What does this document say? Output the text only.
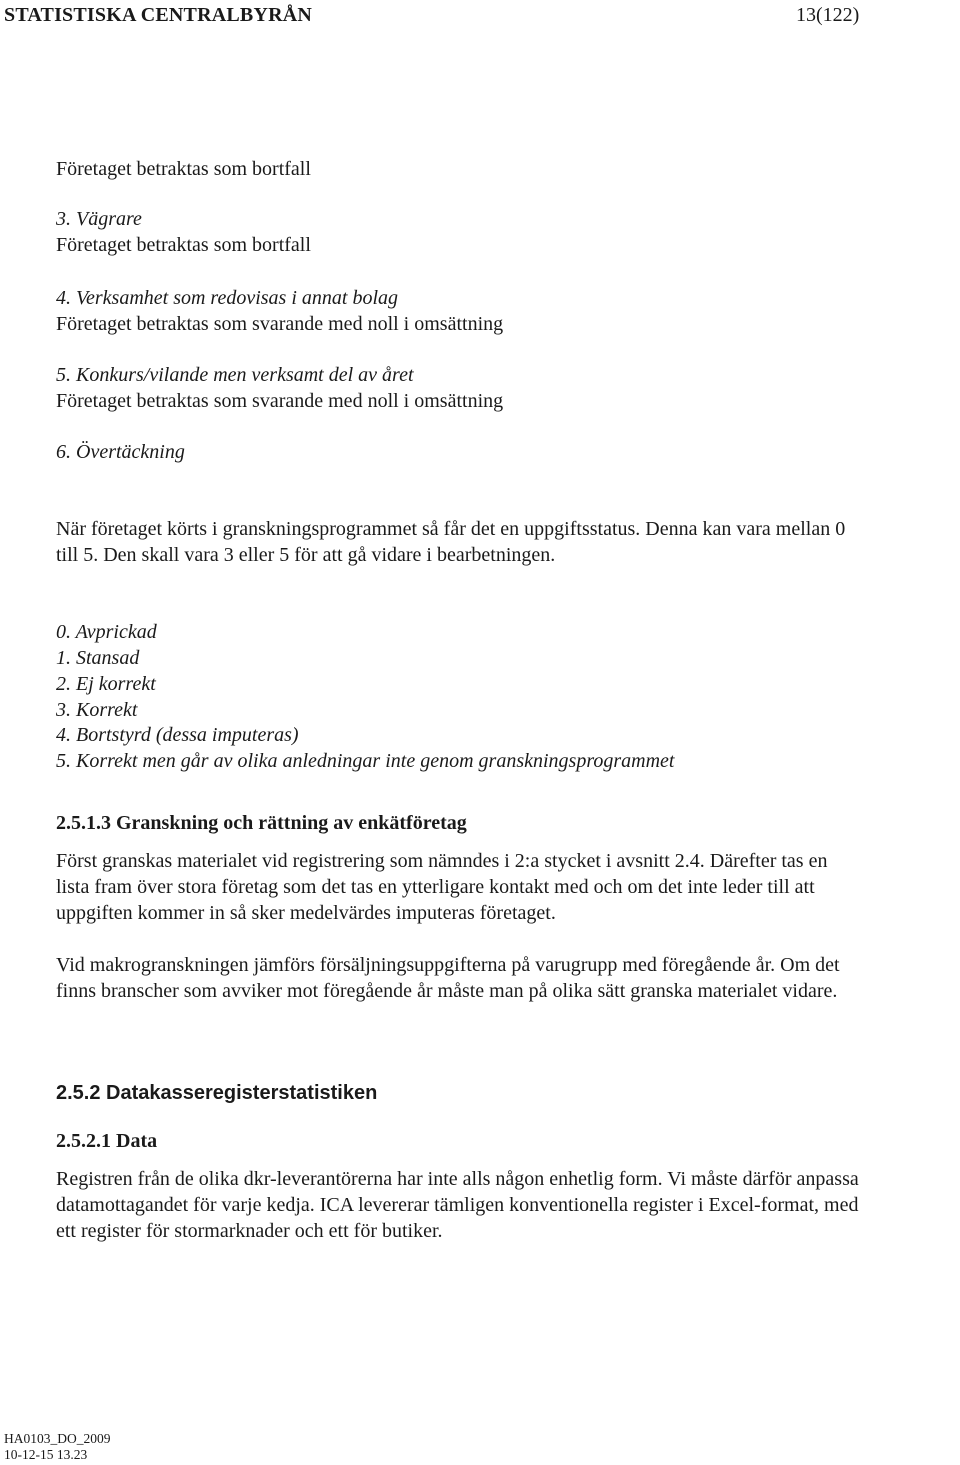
STATISTISKA CENTRALBYRÅN	13(122)
Företaget betraktas som bortfall
3. Vägrare
Företaget betraktas som bortfall
4. Verksamhet som redovisas i annat bolag
Företaget betraktas som svarande med noll i omsättning
5. Konkurs/vilande men verksamt del av året
Företaget betraktas som svarande med noll i omsättning
6. Övertäckning
När företaget körts i granskningsprogrammet så får det en uppgiftsstatus. Denna kan vara mellan 0
till 5. Den skall vara 3 eller 5 för att gå vidare i bearbetningen.
0. Avprickad
1. Stansad
2. Ej korrekt
3. Korrekt
4. Bortstyrd (dessa imputeras)
5. Korrekt men går av olika anledningar inte genom granskningsprogrammet
2.5.1.3 Granskning och rättning av enkätföretag
Först granskas materialet vid registrering som nämndes i 2:a stycket i avsnitt 2.4. Därefter tas en
lista fram över stora företag som det tas en ytterligare kontakt med och om det inte leder till att
uppgiften kommer in så sker medelvärdes imputeras företaget.
Vid makrogranskningen jämförs försäljningsuppgifterna på varugrupp med föregående år. Om det
finns branscher som avviker mot föregående år måste man på olika sätt granska materialet vidare.
2.5.2 Datakasseregisterstatistiken
2.5.2.1 Data
Registren från de olika dkr-leverantörerna har inte alls någon enhetlig form. Vi måste därför anpassa
datamottagandet för varje kedja. ICA levererar tämligen konventionella register i Excel-format, med
ett register för stormarknader och ett för butiker.
HA0103_DO_2009
10-12-15 13.23
